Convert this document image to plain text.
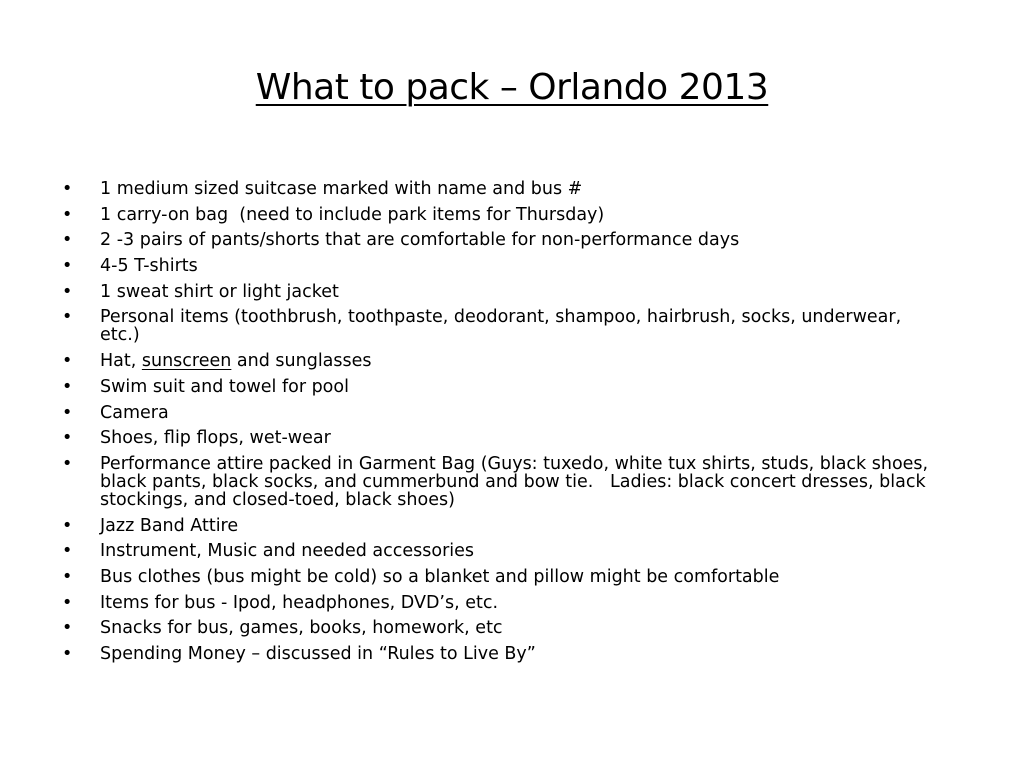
What to pack – Orlando 2013
• 1 medium sized suitcase marked with name and bus #
• 1 carry-on bag  (need to include park items for Thursday)
• 2 -3 pairs of pants/shorts that are comfortable for non-performance days
• 4-5 T-shirts
• 1 sweat shirt or light jacket
• Personal items (toothbrush, toothpaste, deodorant, shampoo, hairbrush, socks, underwear, etc.)
• Hat, sunscreen and sunglasses
• Swim suit and towel for pool
• Camera
• Shoes, flip flops, wet-wear
• Performance attire packed in Garment Bag (Guys: tuxedo, white tux shirts, studs, black shoes, black pants, black socks, and cummerbund and bow tie.   Ladies: black concert dresses, black stockings, and closed-toed, black shoes)
• Jazz Band Attire
• Instrument, Music and needed accessories
• Bus clothes (bus might be cold) so a blanket and pillow might be comfortable
• Items for bus - Ipod, headphones, DVD’s, etc.
• Snacks for bus, games, books, homework, etc
• Spending Money – discussed in “Rules to Live By”
